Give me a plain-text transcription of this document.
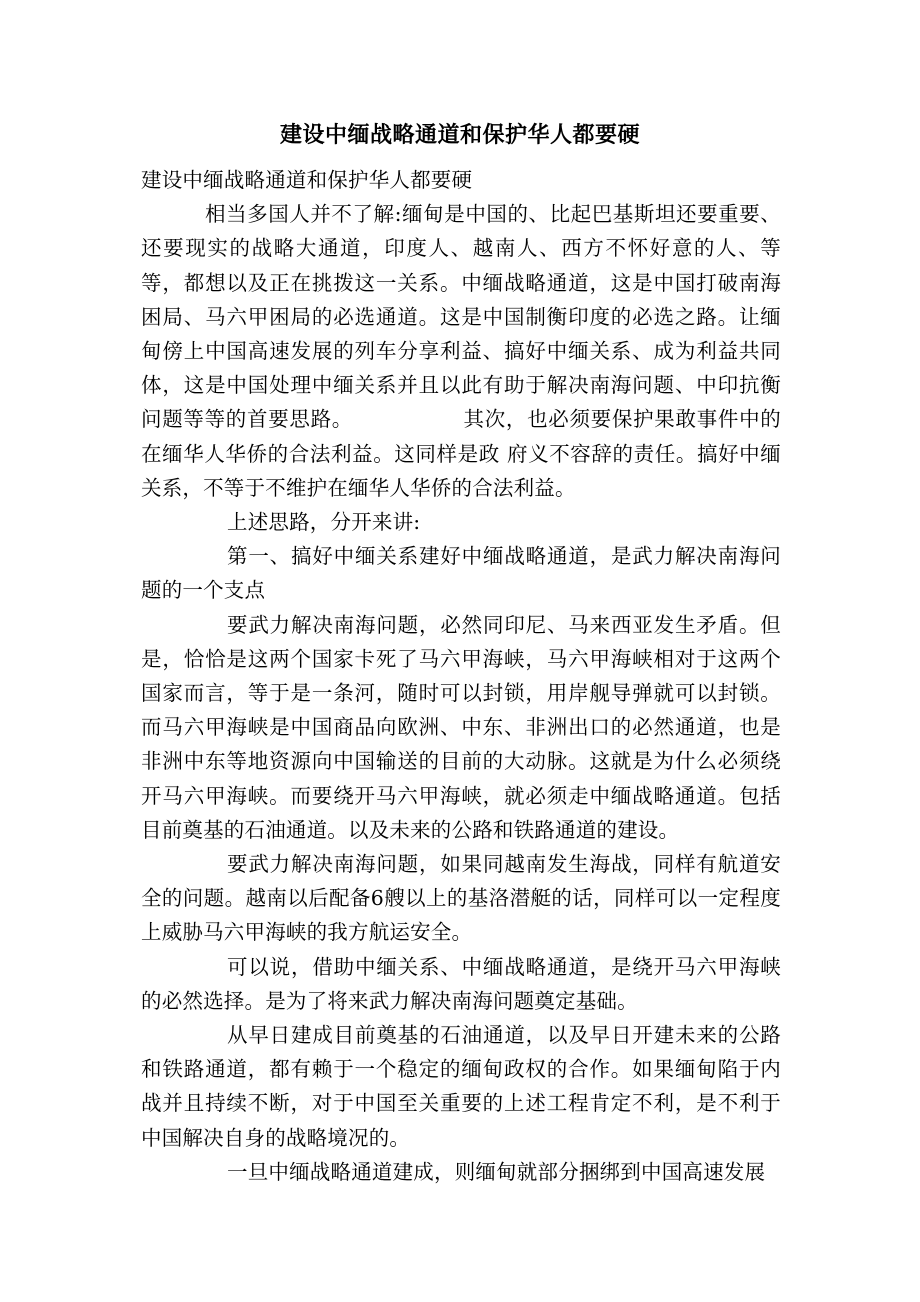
建设中缅战略通道和保护华人都要硬

建设中缅战略通道和保护华人都要硬

相当多国人并不了解:缅甸是中国的、比起巴基斯坦还要重要、还要现实的战略大通道，印度人、越南人、西方不怀好意的人、等等，都想以及正在挑拨这一关系。中缅战略通道，这是中国打破南海困局、马六甲困局的必选通道。这是中国制衡印度的必选之路。让缅甸傍上中国高速发展的列车分享利益、搞好中缅关系、成为利益共同体，这是中国处理中缅关系并且以此有助于解决南海问题、中印抗衡问题等等的首要思路。	其次，也必须要保护果敢事件中的在缅华人华侨的合法利益。这同样是政 府义不容辞的责任。搞好中缅关系，不等于不维护在缅华人华侨的合法利益。

上述思路，分开来讲:

第一、搞好中缅关系建好中缅战略通道，是武力解决南海问题的一个支点

要武力解决南海问题，必然同印尼、马来西亚发生矛盾。但是，恰恰是这两个国家卡死了马六甲海峡，马六甲海峡相对于这两个国家而言，等于是一条河，随时可以封锁，用岸舰导弹就可以封锁。而马六甲海峡是中国商品向欧洲、中东、非洲出口的必然通道，也是非洲中东等地资源向中国输送的目前的大动脉。这就是为什么必须绕开马六甲海峡。而要绕开马六甲海峡，就必须走中缅战略通道。包括目前奠基的石油通道。以及未来的公路和铁路通道的建设。

要武力解决南海问题，如果同越南发生海战，同样有航道安全的问题。越南以后配备6艘以上的基洛潜艇的话，同样可以一定程度上威胁马六甲海峡的我方航运安全。

可以说，借助中缅关系、中缅战略通道，是绕开马六甲海峡的必然选择。是为了将来武力解决南海问题奠定基础。

从早日建成目前奠基的石油通道，以及早日开建未来的公路和铁路通道，都有赖于一个稳定的缅甸政权的合作。如果缅甸陷于内战并且持续不断，对于中国至关重要的上述工程肯定不利，是不利于中国解决自身的战略境况的。

一旦中缅战略通道建成，则缅甸就部分捆绑到中国高速发展
